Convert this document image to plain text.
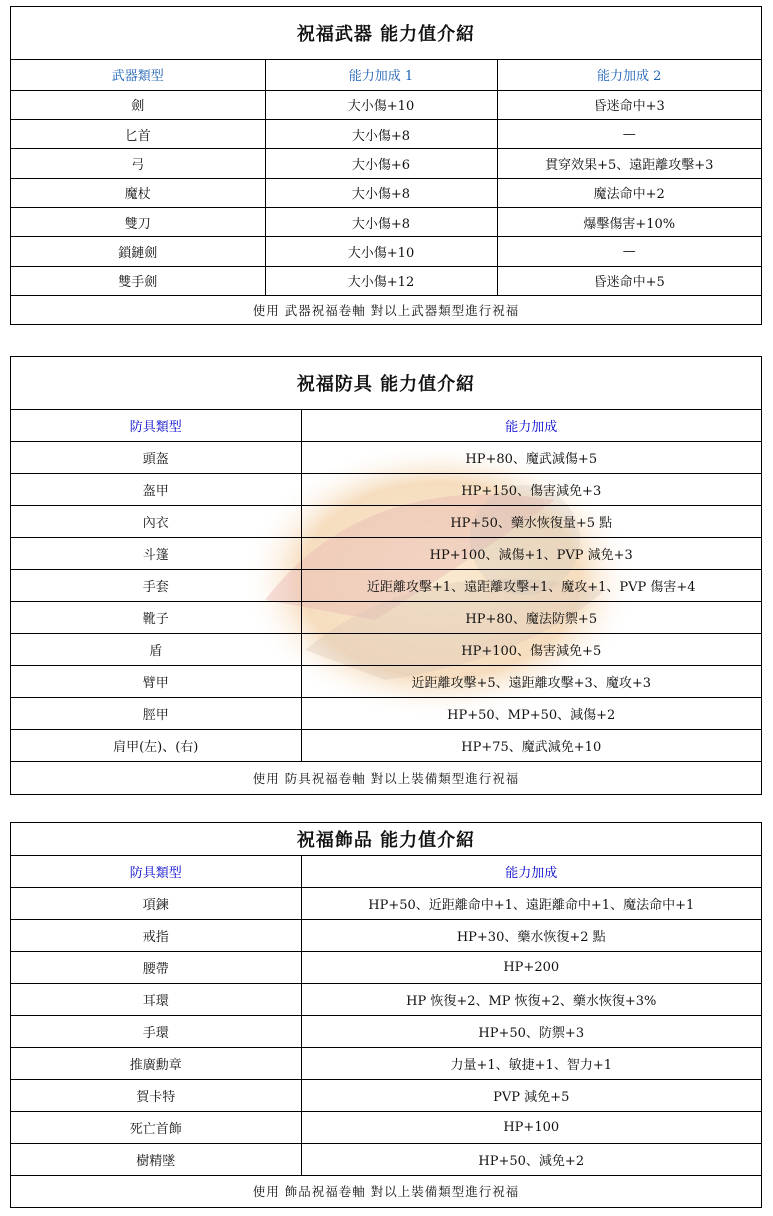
祝福武器 能力值介紹		
武器類型	能力加成 1	能力加成 2
劍	大小傷+10	昏迷命中+3
匕首	大小傷+8	—
弓	大小傷+6	貫穿效果+5、遠距離攻擊+3
魔杖	大小傷+8	魔法命中+2
雙刀	大小傷+8	爆擊傷害+10%
鎖鏈劍	大小傷+10	—
雙手劍	大小傷+12	昏迷命中+5
使用 武器祝福卷軸 對以上武器類型進行祝福		
祝福防具 能力值介紹	
防具類型	能力加成
頭盔	HP+80、魔武減傷+5
盔甲	HP+150、傷害減免+3
內衣	HP+50、藥水恢復量+5 點
斗篷	HP+100、減傷+1、PVP 減免+3
手套	近距離攻擊+1、遠距離攻擊+1、魔攻+1、PVP 傷害+4
靴子	HP+80、魔法防禦+5
盾	HP+100、傷害減免+5
臂甲	近距離攻擊+5、遠距離攻擊+3、魔攻+3
脛甲	HP+50、MP+50、減傷+2
肩甲(左)、(右)	HP+75、魔武減免+10
使用 防具祝福卷軸 對以上裝備類型進行祝福	
祝福飾品 能力值介紹	
防具類型	能力加成
項鍊	HP+50、近距離命中+1、遠距離命中+1、魔法命中+1
戒指	HP+30、藥水恢復+2 點
腰帶	HP+200
耳環	HP 恢復+2、MP 恢復+2、藥水恢復+3%
手環	HP+50、防禦+3
推廣勳章	力量+1、敏捷+1、智力+1
賀卡特	PVP 減免+5
死亡首飾	HP+100
樹精墜	HP+50、減免+2
使用 飾品祝福卷軸 對以上裝備類型進行祝福	
